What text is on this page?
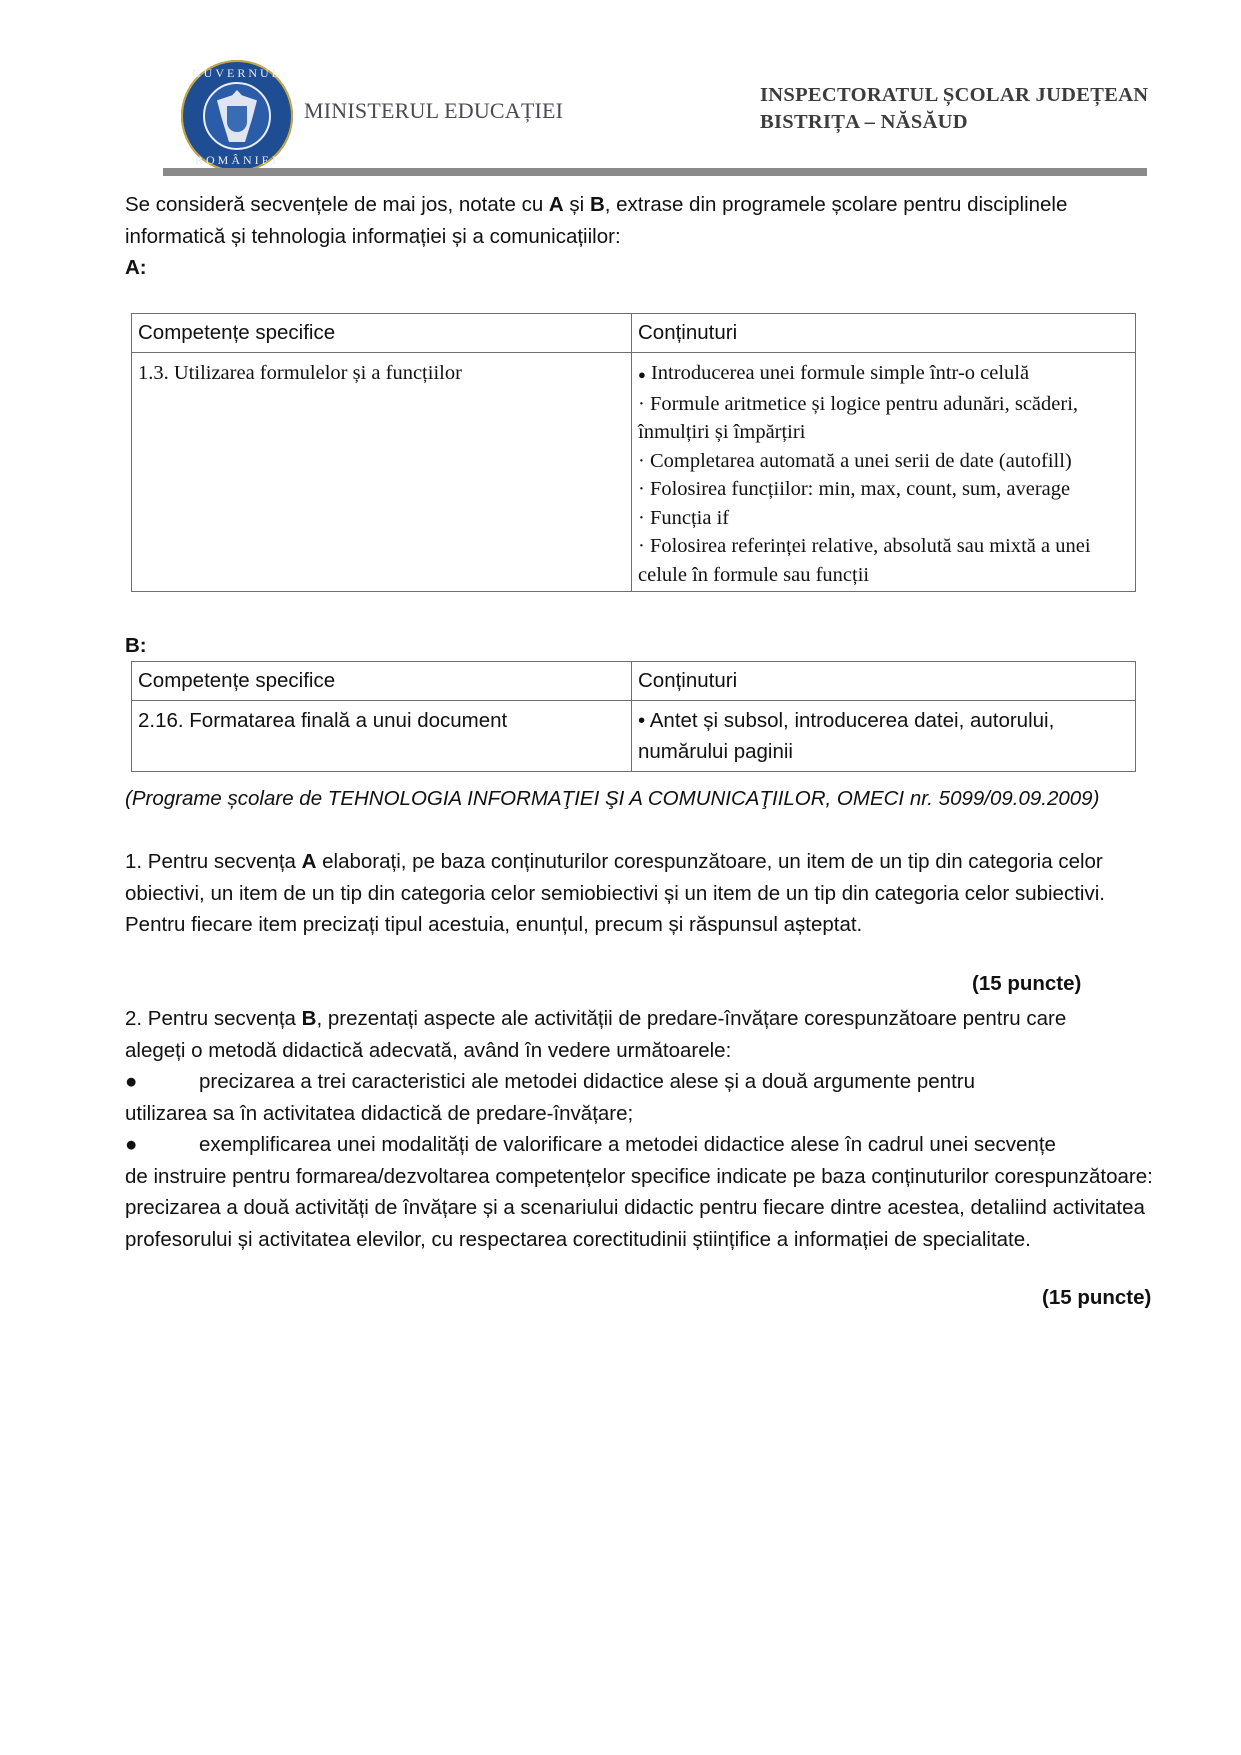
GUVERNUL
ROMÂNIEI
MINISTERUL EDUCAȚIEI
INSPECTORATUL ȘCOLAR JUDEȚEAN
BISTRIȚA – NĂSĂUD
Se consideră secvențele de mai jos, notate cu A și B, extrase din programele școlare pentru disciplinele
informatică și tehnologia informației și a comunicațiilor:
A:
Competențe specifice	Conținuturi
1.3. Utilizarea formulelor și a funcțiilor	● Introducerea unei formule simple într-o celulă
· Formule aritmetice și logice pentru adunări, scăderi, înmulțiri și împărțiri
· Completarea automată a unei serii de date (autofill)
· Folosirea funcțiilor: min, max, count, sum, average
· Funcția if
· Folosirea referinței relative, absolută sau mixtă a unei celule în formule sau funcții
B:
Competențe specifice	Conținuturi
2.16. Formatarea finală a unui document	• Antet și subsol, introducerea datei, autorului, numărului paginii
(Programe școlare de TEHNOLOGIA INFORMAŢIEI ŞI A COMUNICAŢIILOR, OMECI nr. 5099/09.09.2009)
1. Pentru secvența A elaborați, pe baza conținuturilor corespunzătoare, un item de un tip din categoria celor obiectivi, un item de un tip din categoria celor semiobiectivi și un item de un tip din categoria celor subiectivi. Pentru fiecare item precizați tipul acestuia, enunțul, precum și răspunsul așteptat.
(15 puncte)
2. Pentru secvența B, prezentați aspecte ale activității de predare-învățare corespunzătoare pentru care alegeți o metodă didactică adecvată, având în vedere următoarele:
●	precizarea a trei caracteristici ale metodei didactice alese și a două argumente pentru
utilizarea sa în activitatea didactică de predare-învățare;
●	exemplificarea unei modalități de valorificare a metodei didactice alese în cadrul unei secvențe
de instruire pentru formarea/dezvoltarea competențelor specifice indicate pe baza conținuturilor corespunzătoare: precizarea a două activități de învățare și a scenariului didactic pentru fiecare dintre acestea, detaliind activitatea profesorului și activitatea elevilor, cu respectarea corectitudinii științifice a informației de specialitate.
(15 puncte)
